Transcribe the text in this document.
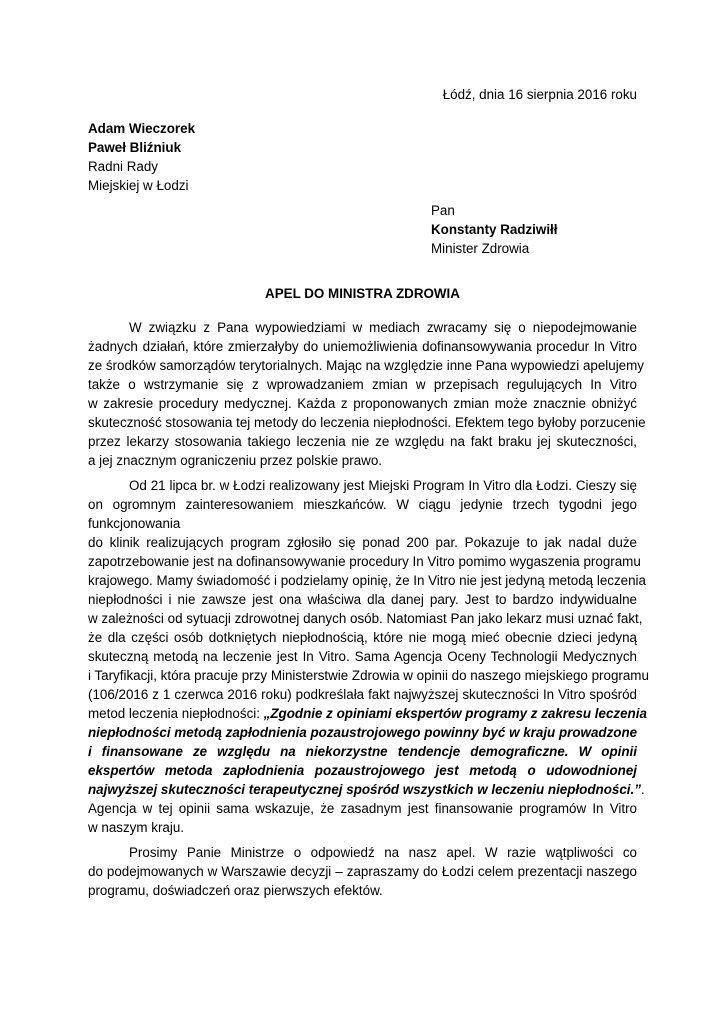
Łódź, dnia 16 sierpnia 2016 roku
Adam Wieczorek
Paweł Bliźniuk
Radni Rady
Miejskiej w Łodzi
Pan
Konstanty Radziwiłł
Minister Zdrowia
APEL DO MINISTRA ZDROWIA
W związku z Pana wypowiedziami w mediach zwracamy się o niepodejmowanie
żadnych działań, które zmierzałyby do uniemożliwienia dofinansowywania procedur In Vitro
ze środków samorządów terytorialnych. Mając na względzie inne Pana wypowiedzi apelujemy
także o wstrzymanie się z wprowadzaniem zmian w przepisach regulujących In Vitro
w zakresie procedury medycznej. Każda z proponowanych zmian może znacznie obniżyć
skuteczność stosowania tej metody do leczenia niepłodności. Efektem tego byłoby porzucenie
przez lekarzy stosowania takiego leczenia nie ze względu na fakt braku jej skuteczności,
a jej znacznym ograniczeniu przez polskie prawo.
Od 21 lipca br. w Łodzi realizowany jest Miejski Program In Vitro dla Łodzi. Cieszy się
on ogromnym zainteresowaniem mieszkańców. W ciągu jedynie trzech tygodni jego
funkcjonowania
do klinik realizujących program zgłosiło się ponad 200 par. Pokazuje to jak nadal duże
zapotrzebowanie jest na dofinansowywanie procedury In Vitro pomimo wygaszenia programu
krajowego. Mamy świadomość i podzielamy opinię, że In Vitro nie jest jedyną metodą leczenia
niepłodności i nie zawsze jest ona właściwa dla danej pary. Jest to bardzo indywidualne
w zależności od sytuacji zdrowotnej danych osób. Natomiast Pan jako lekarz musi uznać fakt,
że dla części osób dotkniętych niepłodnością, które nie mogą mieć obecnie dzieci jedyną
skuteczną metodą na leczenie jest In Vitro. Sama Agencja Oceny Technologii Medycznych
i Taryfikacji, która pracuje przy Ministerstwie Zdrowia w opinii do naszego miejskiego programu
(106/2016 z 1 czerwca 2016 roku) podkreślała fakt najwyższej skuteczności In Vitro spośród
metod leczenia niepłodności: „Zgodnie z opiniami ekspertów programy z zakresu leczenia
niepłodności metodą zapłodnienia pozaustrojowego powinny być w kraju prowadzone
i finansowane ze względu na niekorzystne tendencje demograficzne. W opinii
ekspertów metoda zapłodnienia pozaustrojowego jest metodą o udowodnionej
najwyższej skuteczności terapeutycznej spośród wszystkich w leczeniu niepłodności.”.
Agencja w tej opinii sama wskazuje, że zasadnym jest finansowanie programów In Vitro
w naszym kraju.
Prosimy Panie Ministrze o odpowiedź na nasz apel. W razie wątpliwości co
do podejmowanych w Warszawie decyzji – zapraszamy do Łodzi celem prezentacji naszego
programu, doświadczeń oraz pierwszych efektów.
